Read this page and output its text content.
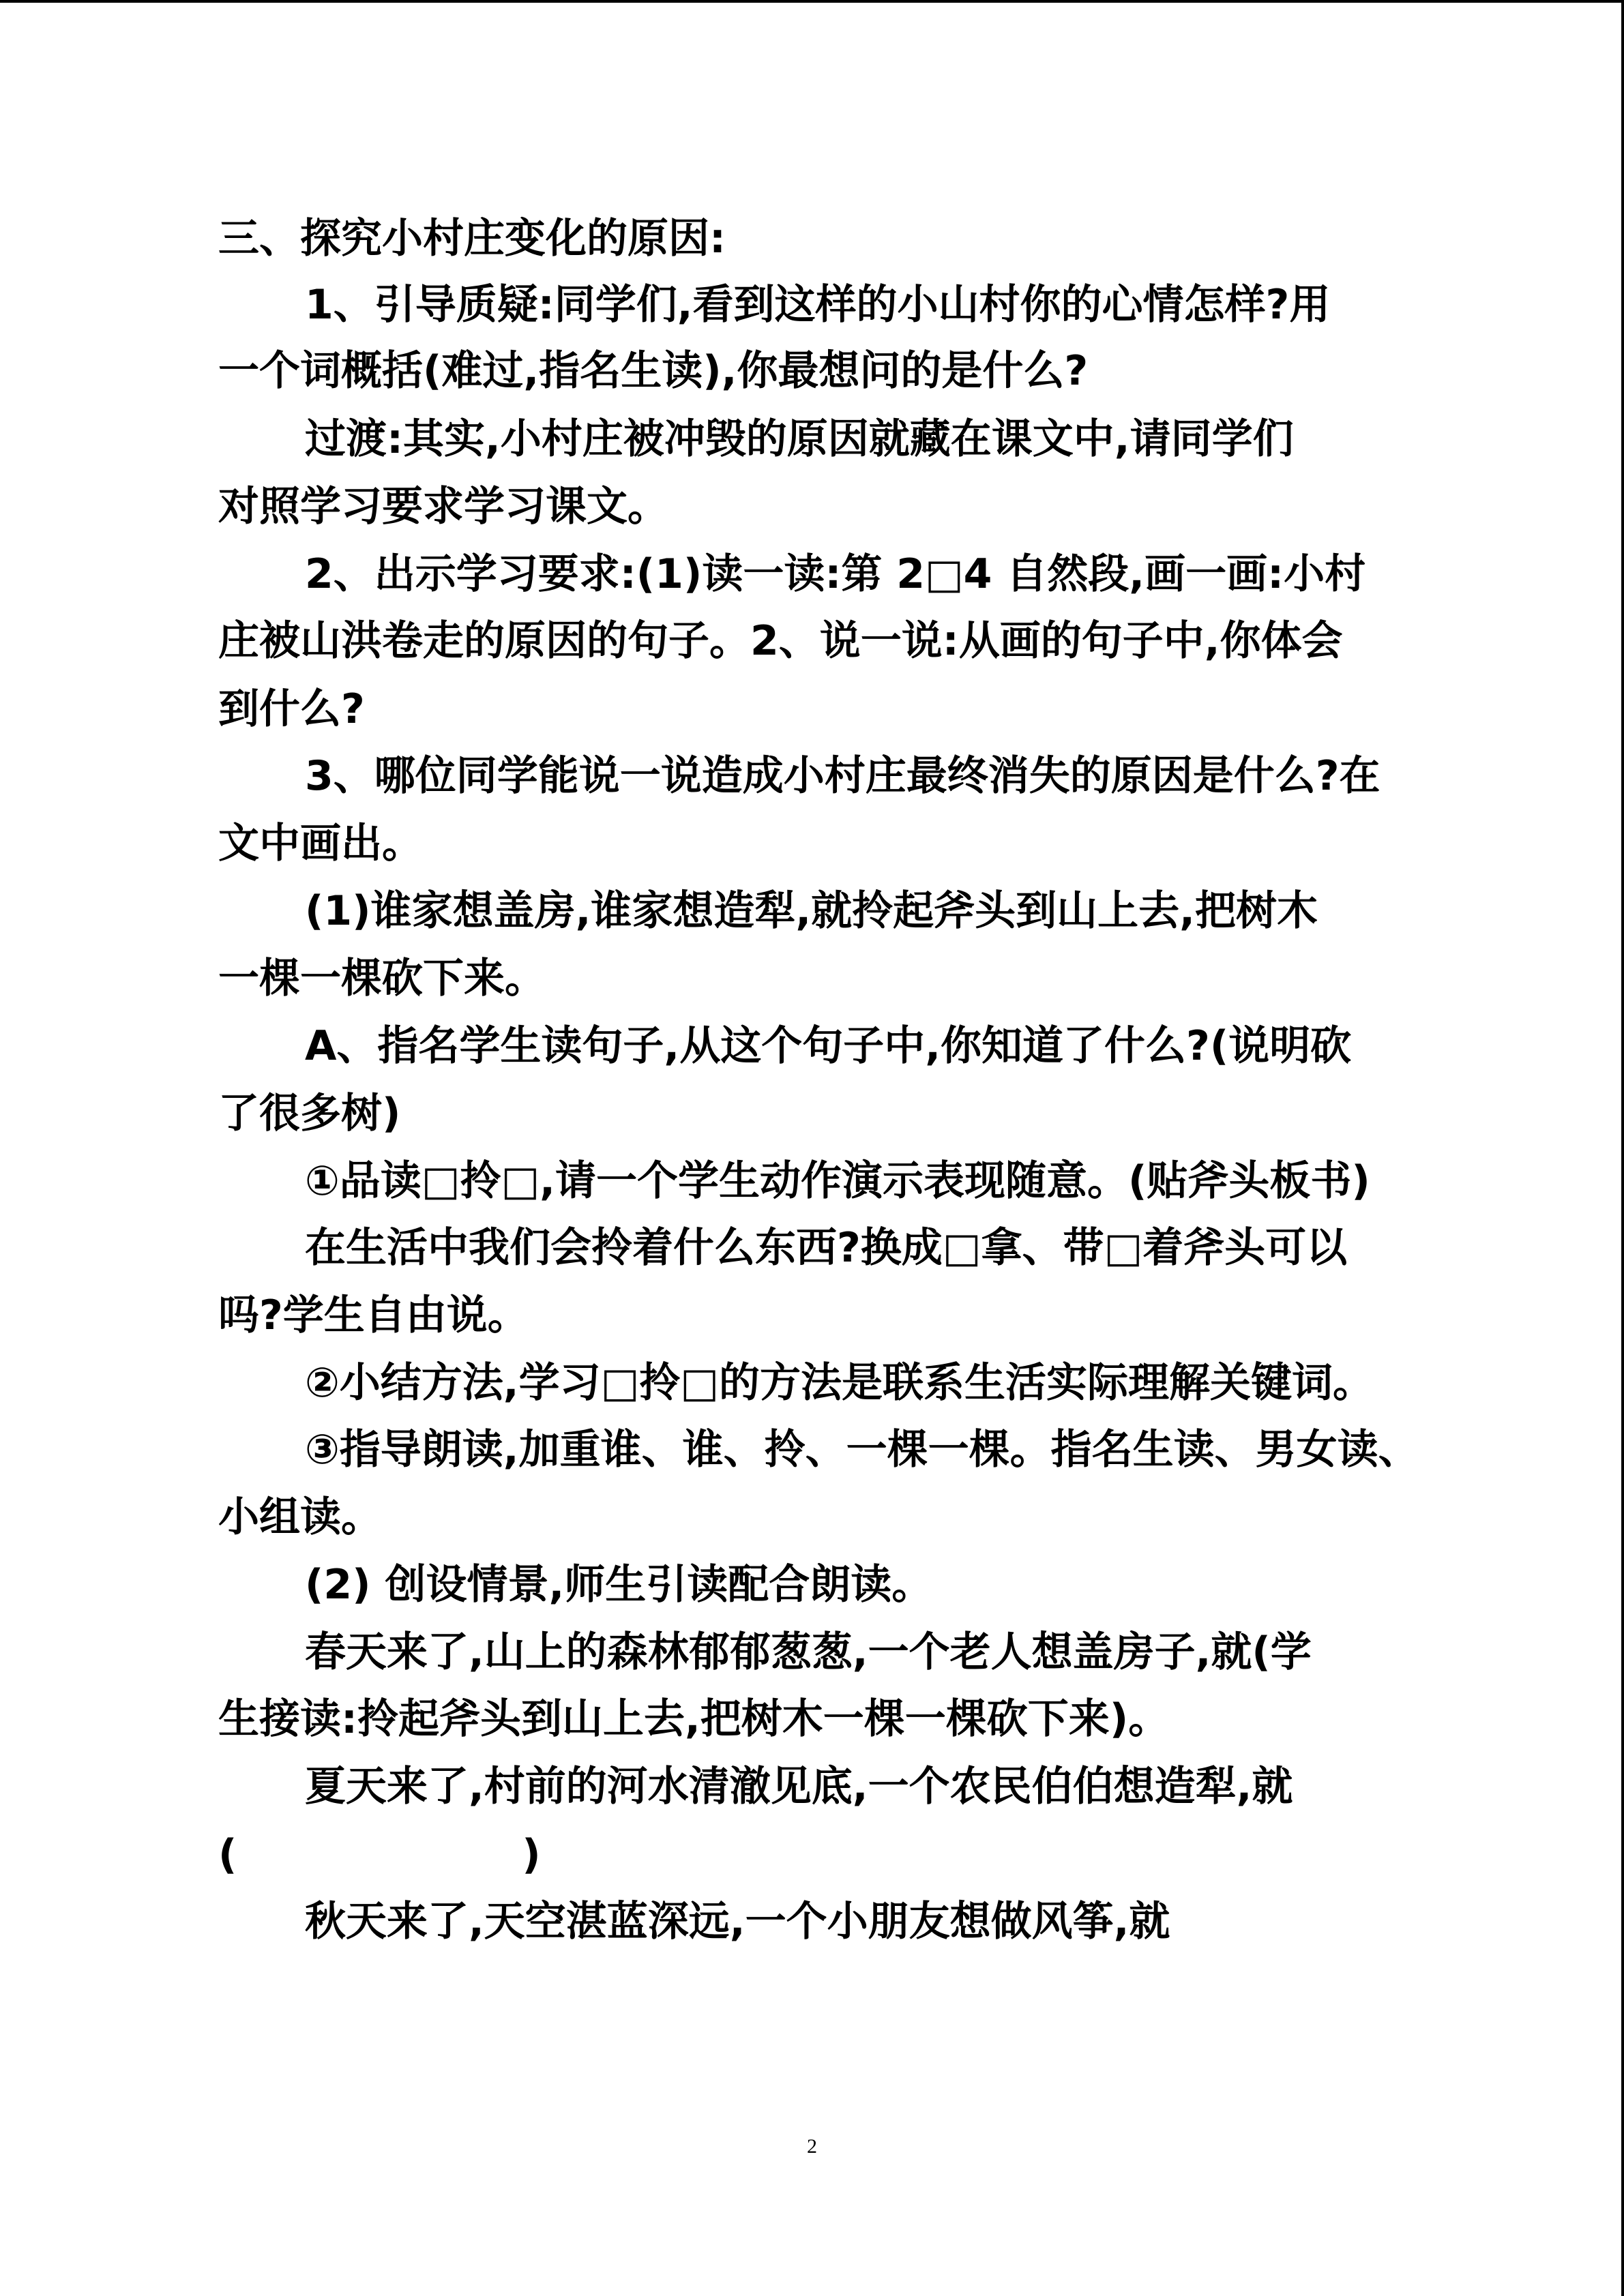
三、探究小村庄变化的原因:
1、引导质疑:同学们,看到这样的小山村你的心情怎样?用
一个词概括(难过,指名生读),你最想问的是什么?
过渡:其实,小村庄被冲毁的原因就藏在课文中,请同学们
对照学习要求学习课文。
2、出示学习要求:(1)读一读:第 2□4 自然段,画一画:小村
庄被山洪卷走的原因的句子。2、说一说:从画的句子中,你体会
到什么?
3、哪位同学能说一说造成小村庄最终消失的原因是什么?在
文中画出。
(1)谁家想盖房,谁家想造犁,就拎起斧头到山上去,把树木
一棵一棵砍下来。
A、指名学生读句子,从这个句子中,你知道了什么?(说明砍
了很多树)
①品读□拎□,请一个学生动作演示表现随意。(贴斧头板书)
在生活中我们会拎着什么东西?换成□拿、带□着斧头可以
吗?学生自由说。
②小结方法,学习□拎□的方法是联系生活实际理解关键词。
③指导朗读,加重谁、谁、拎、一棵一棵。指名生读、男女读、
小组读。
(2) 创设情景,师生引读配合朗读。
春天来了,山上的森林郁郁葱葱,一个老人想盖房子,就(学
生接读:拎起斧头到山上去,把树木一棵一棵砍下来)。
夏天来了,村前的河水清澈见底,一个农民伯伯想造犁,就
(                    )
秋天来了,天空湛蓝深远,一个小朋友想做风筝,就
2
